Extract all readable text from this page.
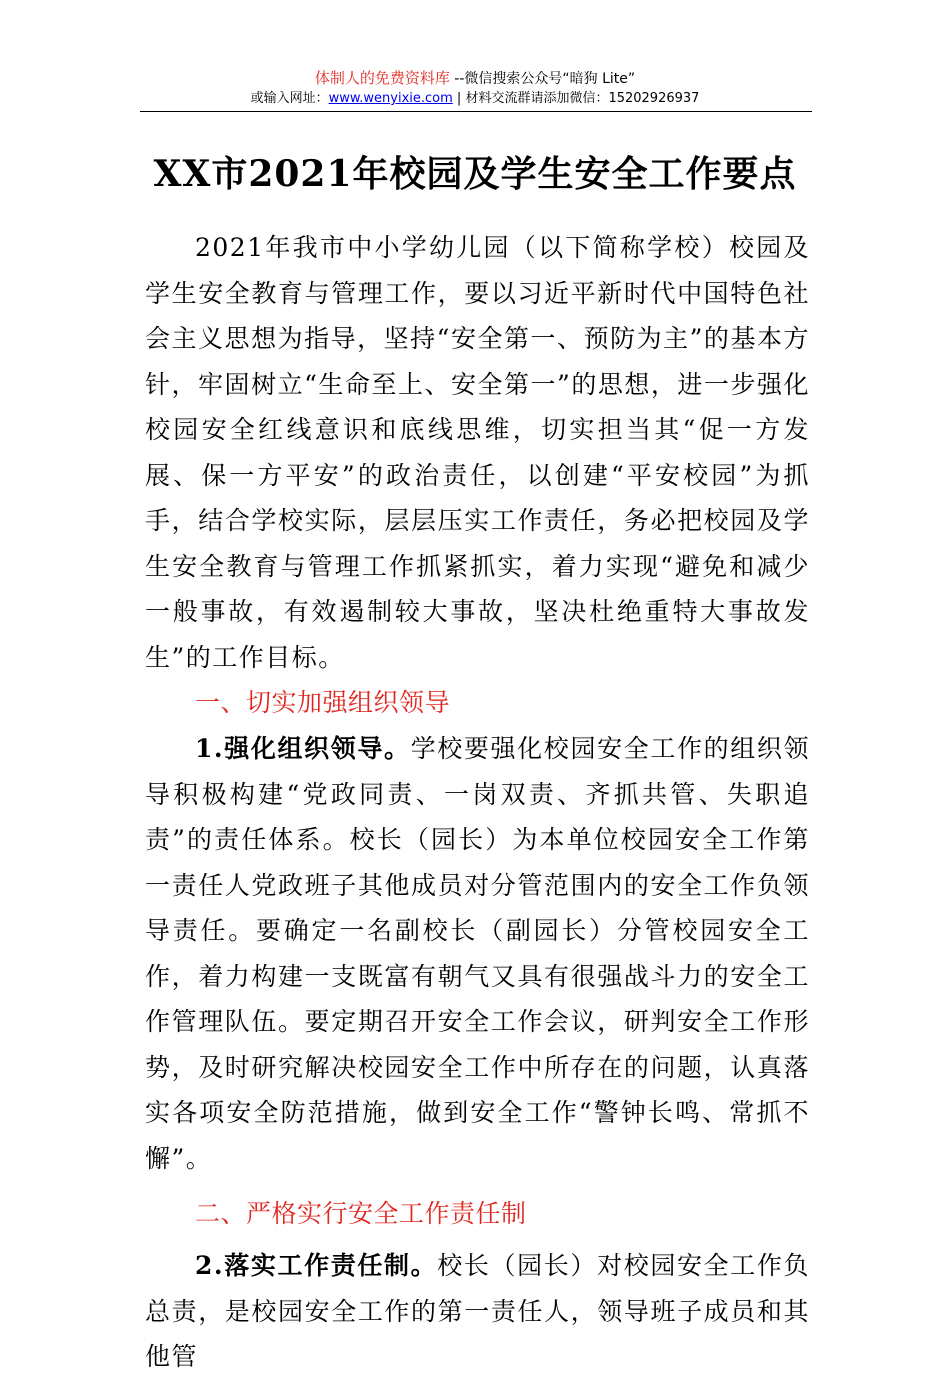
体制人的免费资料库 --微信搜索公众号“暗狗 Lite”
或输入网址：www.wenyixie.com | 材料交流群请添加微信：15202926937
XX市2021年校园及学生安全工作要点

2021年我市中小学幼儿园（以下简称学校）校园及学生安全教育与管理工作，要以习近平新时代中国特色社会主义思想为指导，坚持“安全第一、预防为主”的基本方针，牢固树立“生命至上、安全第一”的思想，进一步强化校园安全红线意识和底线思维，切实担当其“促一方发展、保一方平安”的政治责任，以创建“平安校园”为抓手，结合学校实际，层层压实工作责任，务必把校园及学生安全教育与管理工作抓紧抓实，着力实现“避免和减少一般事故，有效遏制较大事故，坚决杜绝重特大事故发生”的工作目标。

一、切实加强组织领导

1.强化组织领导。学校要强化校园安全工作的组织领导积极构建“党政同责、一岗双责、齐抓共管、失职追责”的责任体系。校长（园长）为本单位校园安全工作第一责任人党政班子其他成员对分管范围内的安全工作负领导责任。要确定一名副校长（副园长）分管校园安全工作，着力构建一支既富有朝气又具有很强战斗力的安全工作管理队伍。要定期召开安全工作会议，研判安全工作形势，及时研究解决校园安全工作中所存在的问题，认真落实各项安全防范措施，做到安全工作“警钟长鸣、常抓不懈”。

二、严格实行安全工作责任制

2.落实工作责任制。校长（园长）对校园安全工作负总责，是校园安全工作的第一责任人，领导班子成员和其他管
